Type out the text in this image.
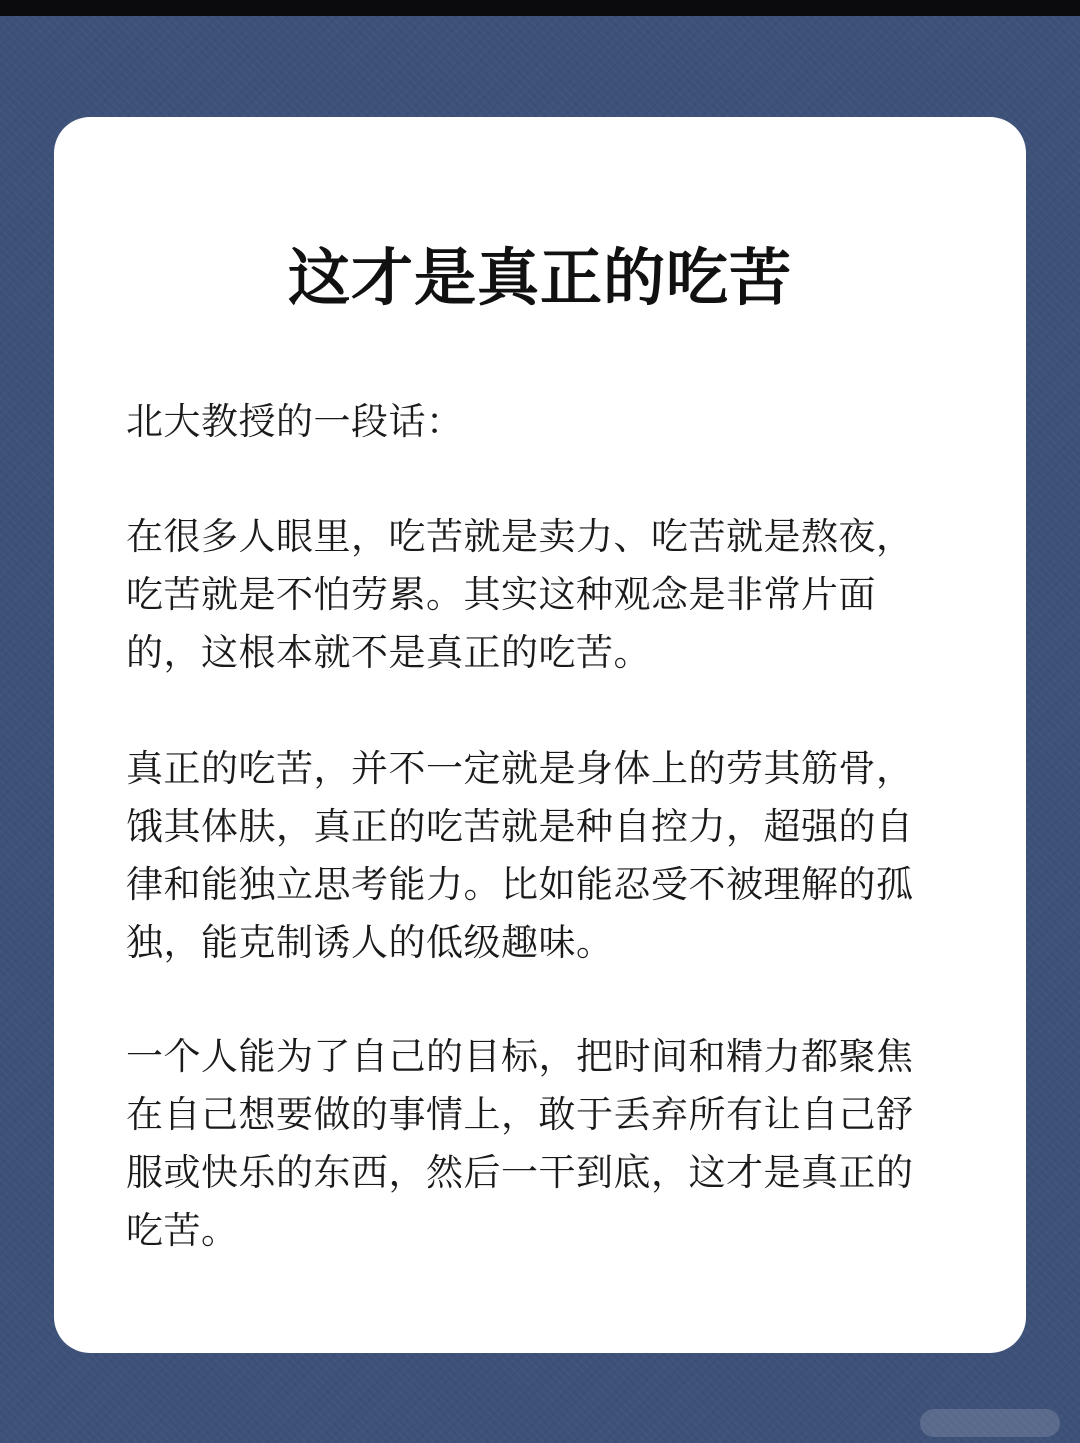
这才是真正的吃苦
北大教授的一段话：
在很多人眼里，吃苦就是卖力、吃苦就是熬夜，
吃苦就是不怕劳累。其实这种观念是非常片面
的，这根本就不是真正的吃苦。
真正的吃苦，并不一定就是身体上的劳其筋骨，
饿其体肤，真正的吃苦就是种自控力，超强的自
律和能独立思考能力。比如能忍受不被理解的孤
独，能克制诱人的低级趣味。
一个人能为了自己的目标，把时间和精力都聚焦
在自己想要做的事情上，敢于丢弃所有让自己舒
服或快乐的东西，然后一干到底，这才是真正的
吃苦。
